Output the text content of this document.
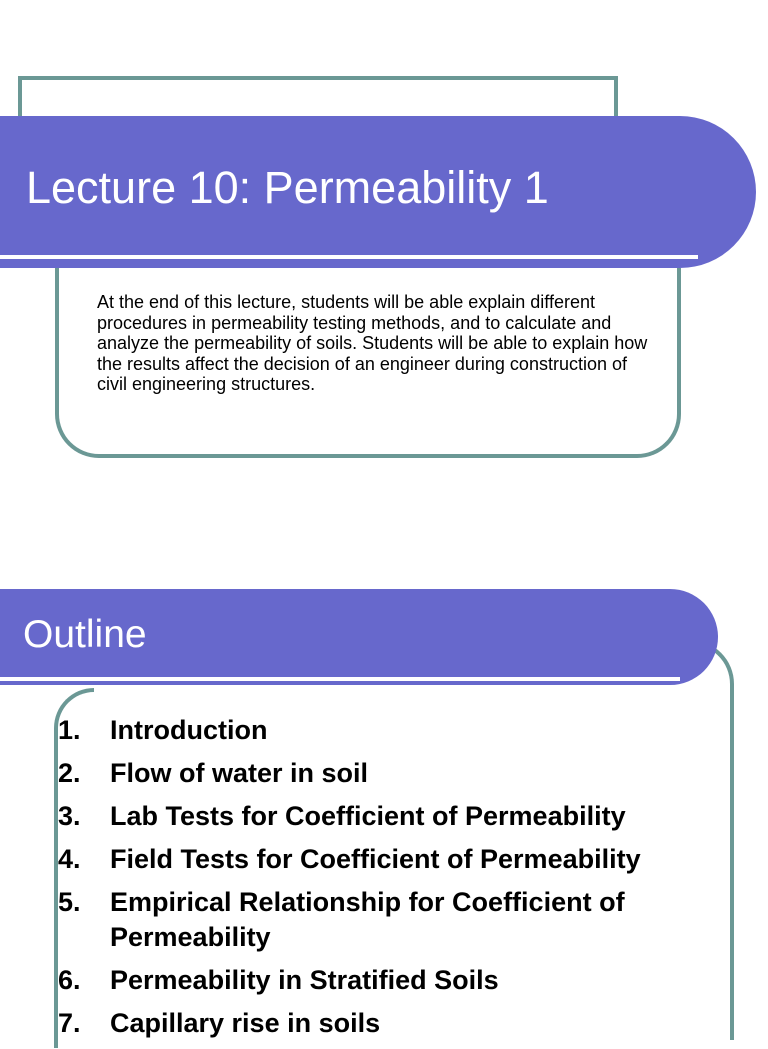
Lecture 10: Permeability 1

At the end of this lecture, students will be able explain different procedures in permeability testing methods, and to calculate and analyze the permeability of soils. Students will be able to explain how the results affect the decision of an engineer during construction of civil engineering structures.

Outline
1.	Introduction
2.	Flow of water in soil
3.	Lab Tests for Coefficient of Permeability
4.	Field Tests for Coefficient of Permeability
5.	Empirical Relationship for Coefficient of Permeability
6.	Permeability in Stratified Soils
7.	Capillary rise in soils
